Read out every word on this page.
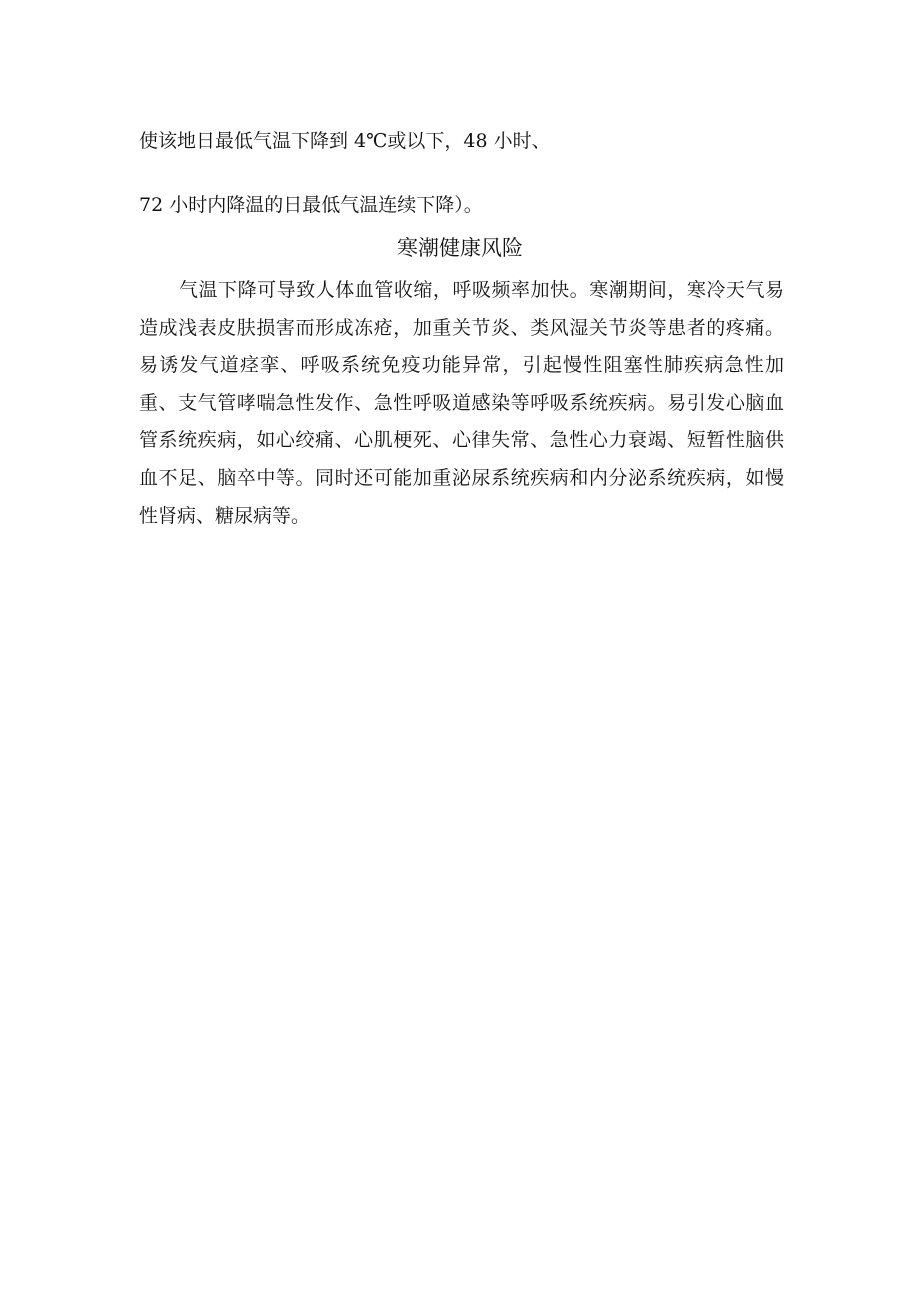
使该地日最低气温下降到 4℃或以下，48 小时、
72 小时内降温的日最低气温连续下降）。
寒潮健康风险
气温下降可导致人体血管收缩，呼吸频率加快。寒潮期间，寒冷天气易造成浅表皮肤损害而形成冻疮，加重关节炎、类风湿关节炎等患者的疼痛。易诱发气道痉挛、呼吸系统免疫功能异常，引起慢性阻塞性肺疾病急性加重、支气管哮喘急性发作、急性呼吸道感染等呼吸系统疾病。易引发心脑血管系统疾病，如心绞痛、心肌梗死、心律失常、急性心力衰竭、短暂性脑供血不足、脑卒中等。同时还可能加重泌尿系统疾病和内分泌系统疾病，如慢性肾病、糖尿病等。
